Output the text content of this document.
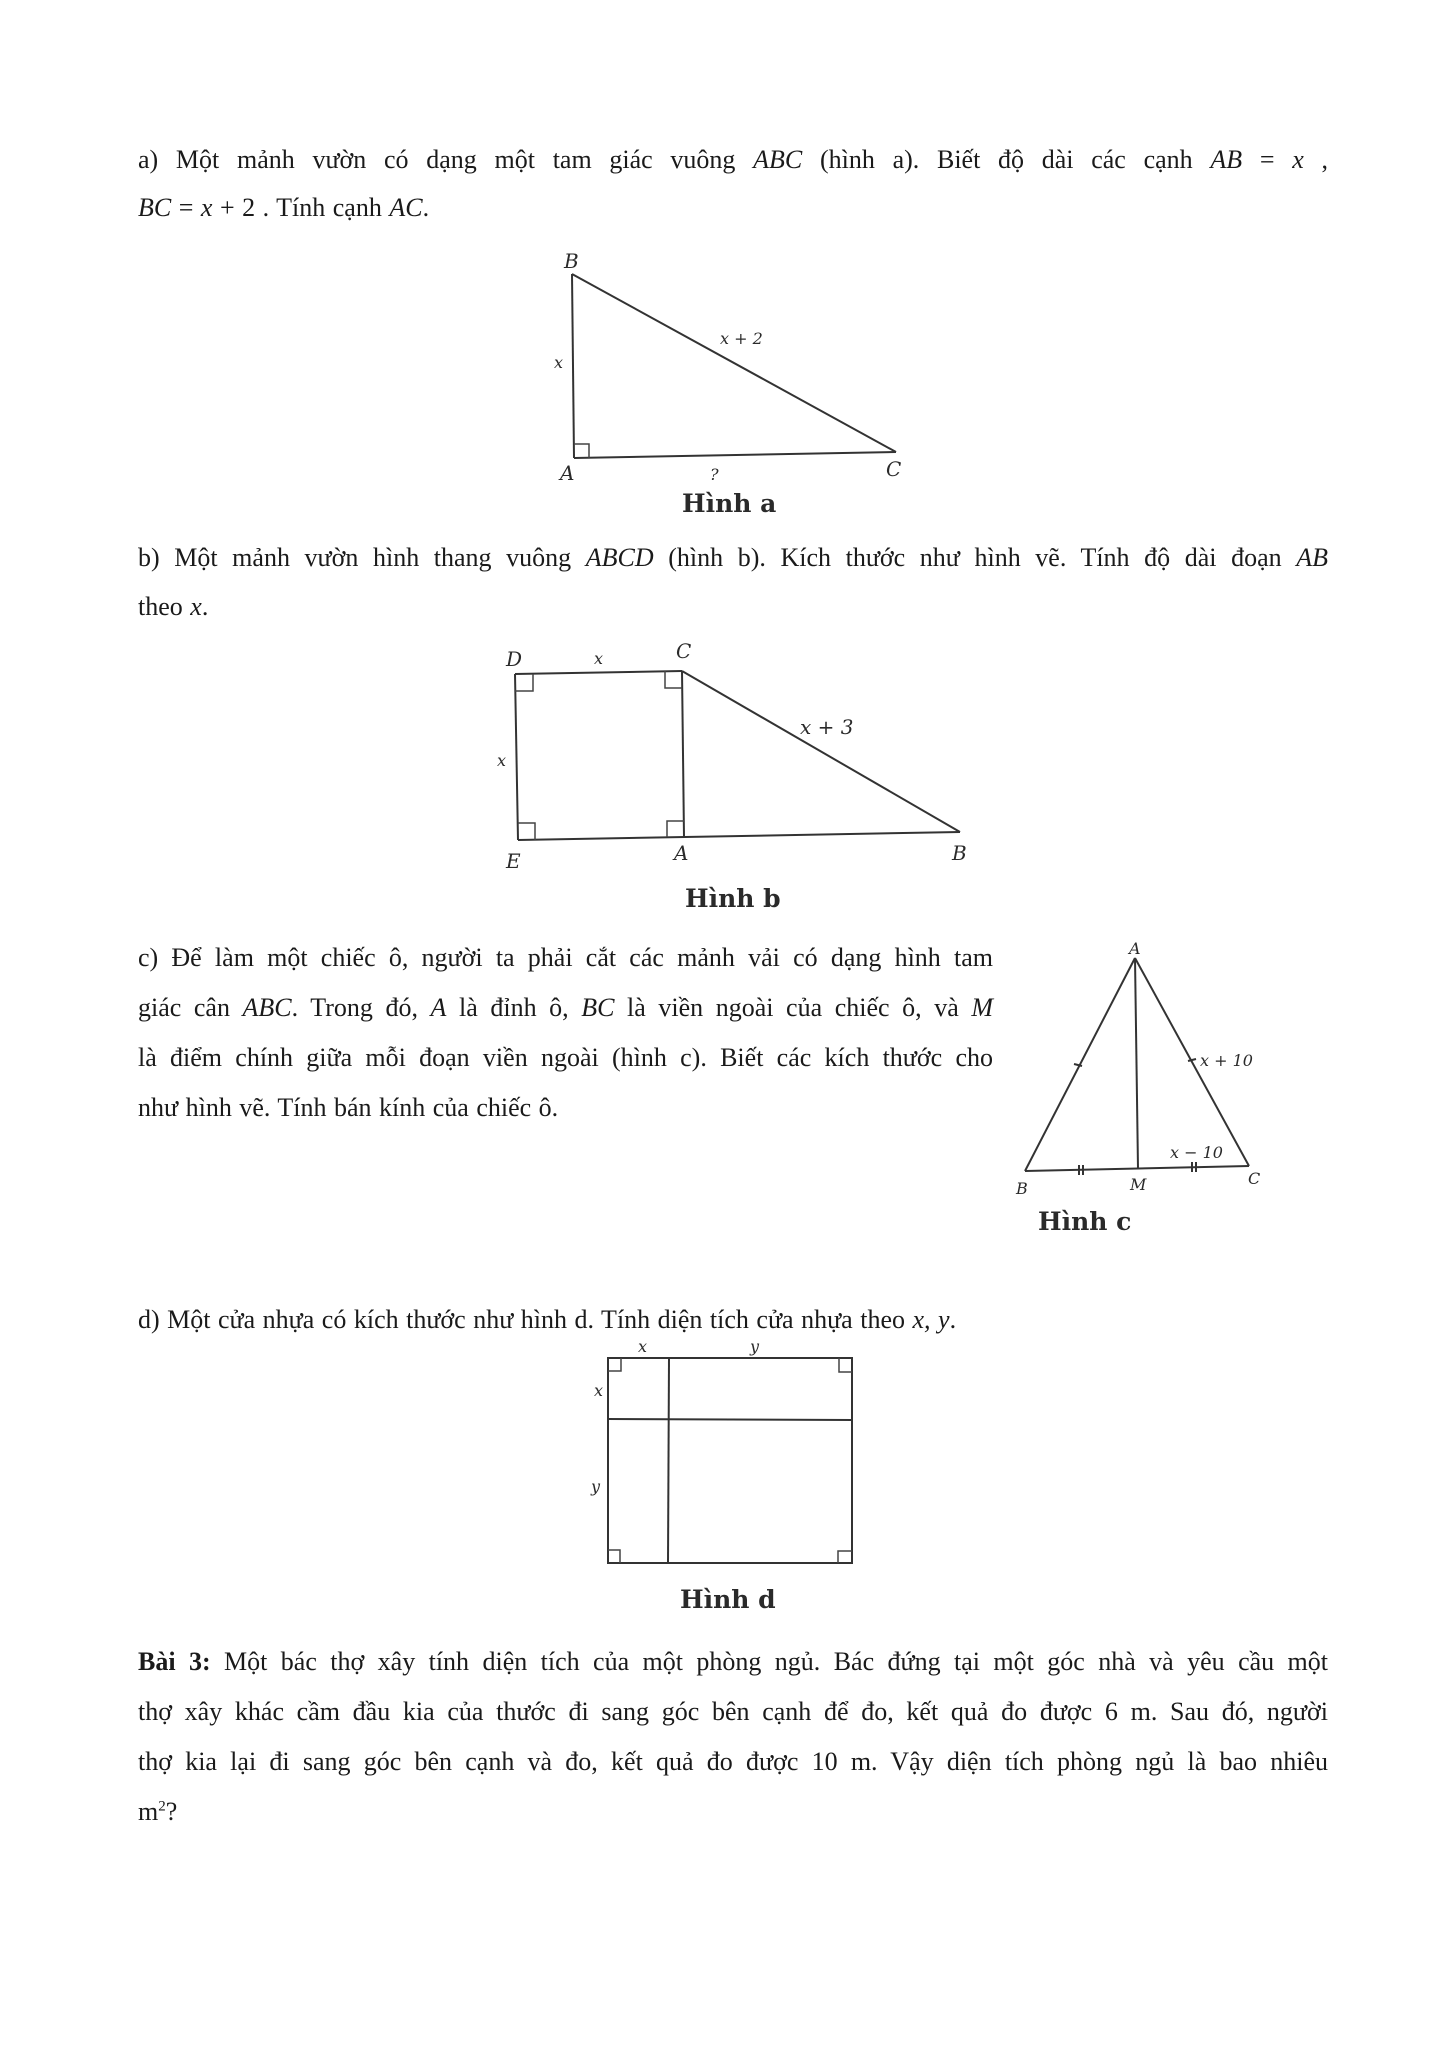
a) Một mảnh vườn có dạng một tam giác vuông ABC (hình a). Biết độ dài các cạnh AB = x ,
BC = x + 2 . Tính cạnh AC.
B
A	C
x
x + 2
?
Hình a
b) Một mảnh vườn hình thang vuông ABCD (hình b). Kích thước như hình vẽ. Tính độ dài đoạn AB
theo x.
D	C
E	A	B
x
x
x + 3
Hình b
c) Để làm một chiếc ô, người ta phải cắt các mảnh vải có dạng hình tam
giác cân ABC. Trong đó, A là đỉnh ô, BC là viền ngoài của chiếc ô, và M
là điểm chính giữa mỗi đoạn viền ngoài (hình c). Biết các kích thước cho
như hình vẽ. Tính bán kính của chiếc ô.
A
B
C
M
x + 10
x − 10
Hình c
d) Một cửa nhựa có kích thước như hình d. Tính diện tích cửa nhựa theo x, y.
x	y
x
y
Hình d
Bài 3: Một bác thợ xây tính diện tích của một phòng ngủ. Bác đứng tại một góc nhà và yêu cầu một
thợ xây khác cầm đầu kia của thước đi sang góc bên cạnh để đo, kết quả đo được 6 m. Sau đó, người
thợ kia lại đi sang góc bên cạnh và đo, kết quả đo được 10 m. Vậy diện tích phòng ngủ là bao nhiêu
$m^2$?
